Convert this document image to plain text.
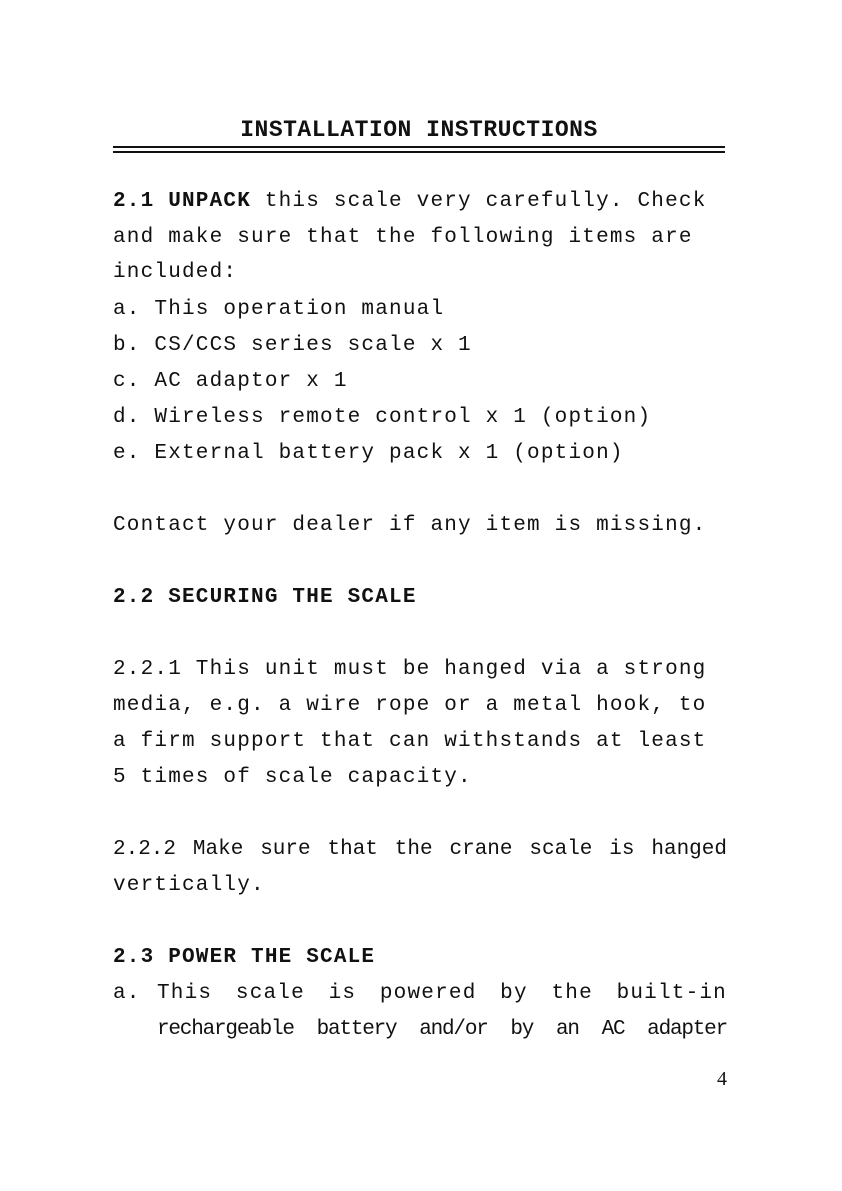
INSTALLATION INSTRUCTIONS
2.1 UNPACK this scale very carefully. Check
and make sure that the following items are
included:
a. This operation manual
b. CS/CCS series scale x 1
c. AC adaptor x 1
d. Wireless remote control x 1 (option)
e. External battery pack x 1 (option)
Contact your dealer if any item is missing.
2.2 SECURING THE SCALE
2.2.1 This unit must be hanged via a strong
media, e.g. a wire rope or a metal hook, to
a firm support that can withstands at least
5 times of scale capacity.
2.2.2 Make sure that the crane scale is hanged
vertically.
2.3 POWER THE SCALE
a. This scale is powered by the built-in
rechargeable battery and/or by an AC adapter
4
